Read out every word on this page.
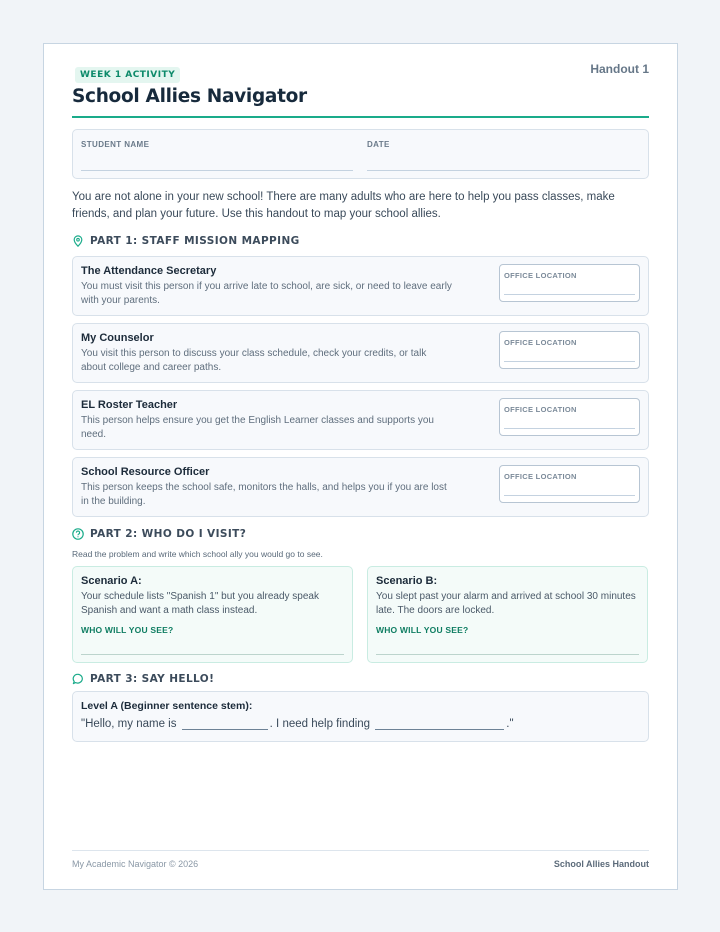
WEEK 1 ACTIVITY	Handout 1
School Allies Navigator
STUDENT NAME	DATE

You are not alone in your new school! There are many adults who are here to help you pass classes, make friends, and plan your future. Use this handout to map your school allies.

PART 1: STAFF MISSION MAPPING
The Attendance Secretary
You must visit this person if you arrive late to school, are sick, or need to leave early with your parents.
OFFICE LOCATION
My Counselor
You visit this person to discuss your class schedule, check your credits, or talk about college and career paths.
OFFICE LOCATION
EL Roster Teacher
This person helps ensure you get the English Learner classes and supports you need.
OFFICE LOCATION
School Resource Officer
This person keeps the school safe, monitors the halls, and helps you if you are lost in the building.
OFFICE LOCATION
PART 2: WHO DO I VISIT?

Read the problem and write which school ally you would go to see.

Scenario A:
Your schedule lists "Spanish 1" but you already speak Spanish and want a math class instead.
WHO WILL YOU SEE?
Scenario B:
You slept past your alarm and arrived at school 30 minutes late. The doors are locked.
WHO WILL YOU SEE?
PART 3: SAY HELLO!
Level A (Beginner sentence stem):
"Hello, my name is	. I need help finding	."
My Academic Navigator © 2026	School Allies Handout
